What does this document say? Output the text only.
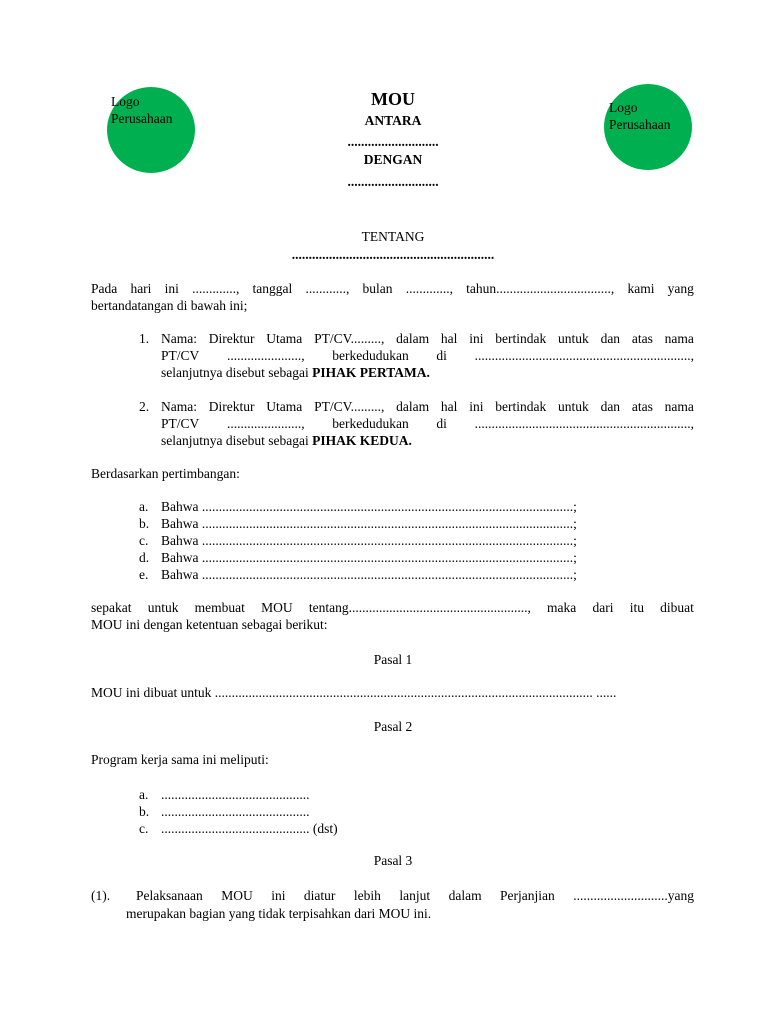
Logo Perusahaan
Logo Perusahaan
MOU
ANTARA
...........................
DENGAN
...........................
TENTANG
............................................................
Pada hari ini ............., tanggal ............, bulan ............., tahun.................................., kami yang
bertandatangan di bawah ini;
1. Nama: Direktur Utama PT/CV........., dalam hal ini bertindak untuk dan atas nama
PT/CV ......................, berkedudukan di ................................................................,
selanjutnya disebut sebagai PIHAK PERTAMA.
2. Nama: Direktur Utama PT/CV........., dalam hal ini bertindak untuk dan atas nama
PT/CV ......................, berkedudukan di ................................................................,
selanjutnya disebut sebagai PIHAK KEDUA.
Berdasarkan pertimbangan:
a. Bahwa ..............................................................................................................;
b. Bahwa ..............................................................................................................;
c. Bahwa ..............................................................................................................;
d. Bahwa ..............................................................................................................;
e. Bahwa ..............................................................................................................;
sepakat untuk membuat MOU tentang....................................................., maka dari itu dibuat
MOU ini dengan ketentuan sebagai berikut:
Pasal 1
MOU ini dibuat untuk ................................................................................................................ ......
Pasal 2
Program kerja sama ini meliputi:
a. ............................................
b. ............................................
c. ............................................ (dst)
Pasal 3
(1). Pelaksanaan MOU ini diatur lebih lanjut dalam Perjanjian ............................yang
merupakan bagian yang tidak terpisahkan dari MOU ini.
